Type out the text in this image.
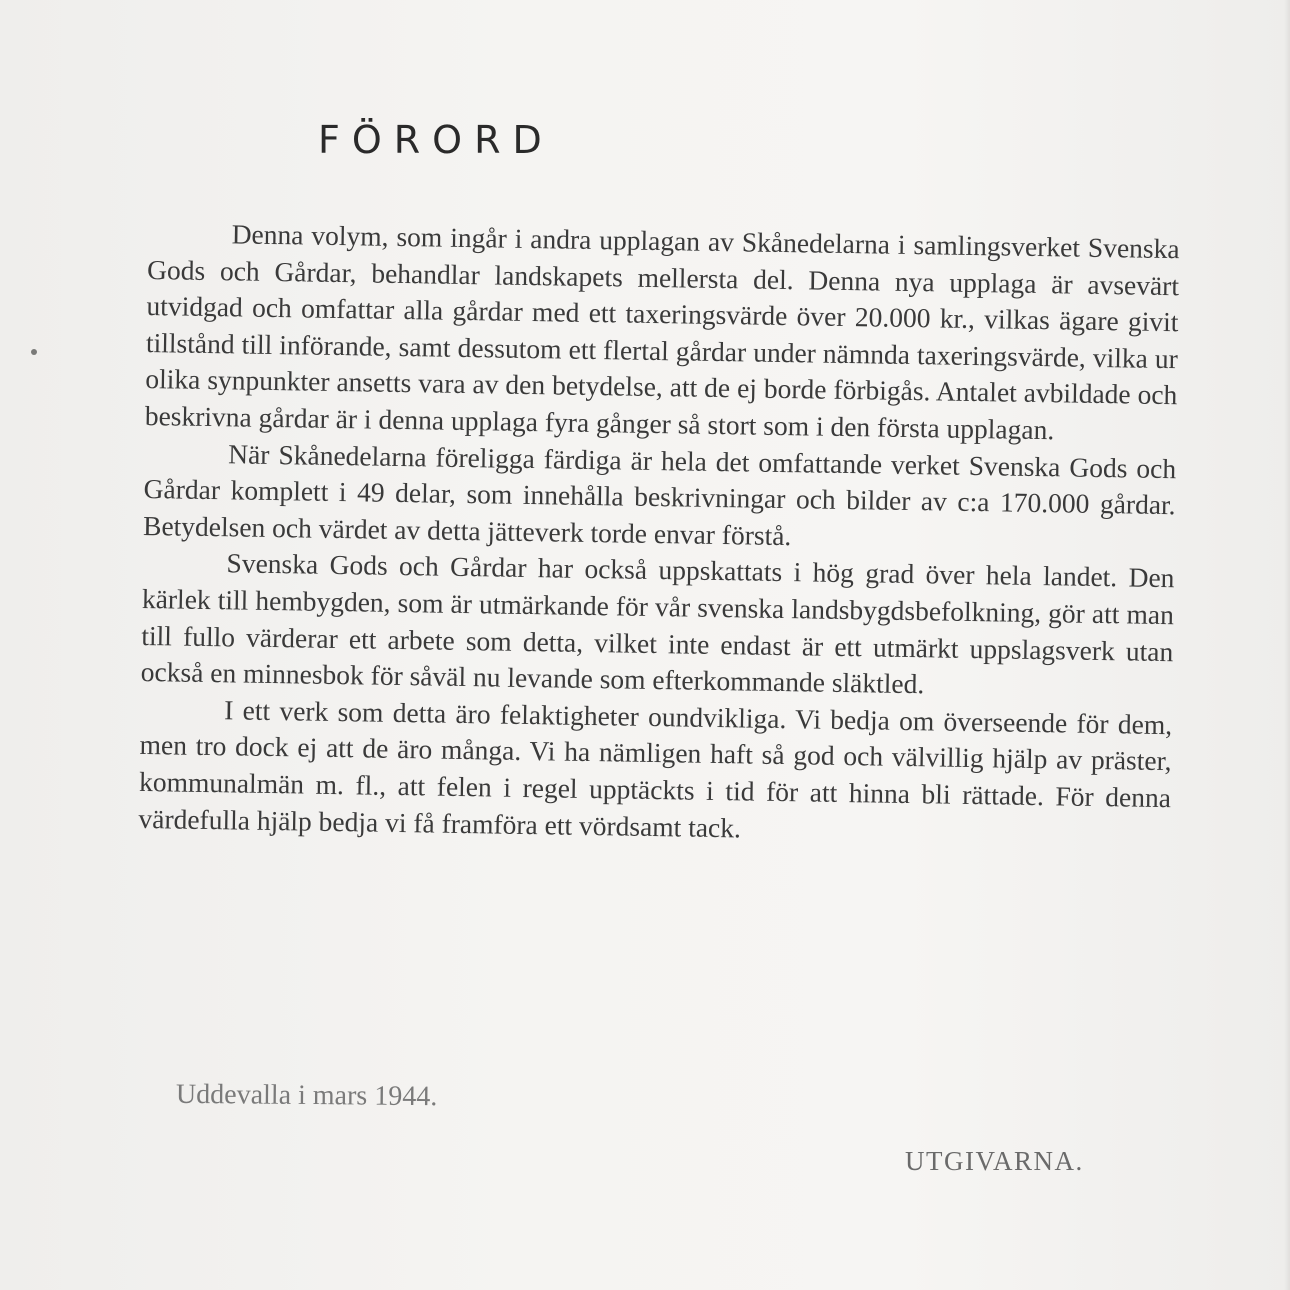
FÖRORD

Denna volym, som ingår i andra upplagan av Skånedelarna i samlingsverket Svenska Gods och Gårdar, behandlar landskapets mellersta del. Denna nya upplaga är avsevärt utvidgad och omfattar alla gårdar med ett taxeringsvärde över 20.000 kr., vilkas ägare givit tillstånd till införande, samt dessutom ett flertal gårdar under nämnda taxeringsvärde, vilka ur olika synpunkter ansetts vara av den betydelse, att de ej borde förbigås. Antalet avbildade och beskrivna gårdar är i denna upplaga fyra gånger så stort som i den första upplagan.

När Skånedelarna föreligga färdiga är hela det omfattande verket Svenska Gods och Gårdar komplett i 49 delar, som innehålla beskrivningar och bilder av c:a 170.000 gårdar. Betydelsen och värdet av detta jätteverk torde envar förstå.

Svenska Gods och Gårdar har också uppskattats i hög grad över hela landet. Den kärlek till hembygden, som är utmärkande för vår svenska landsbygdsbefolkning, gör att man till fullo värderar ett arbete som detta, vilket inte endast är ett utmärkt uppslagsverk utan också en minnesbok för såväl nu levande som efterkommande släktled.

I ett verk som detta äro felaktigheter oundvikliga. Vi bedja om överseende för dem, men tro dock ej att de äro många. Vi ha nämligen haft så god och välvillig hjälp av präster, kommunalmän m. fl., att felen i regel upptäckts i tid för att hinna bli rättade. För denna värdefulla hjälp bedja vi få framföra ett vördsamt tack.

Uddevalla i mars 1944.
UTGIVARNA.
